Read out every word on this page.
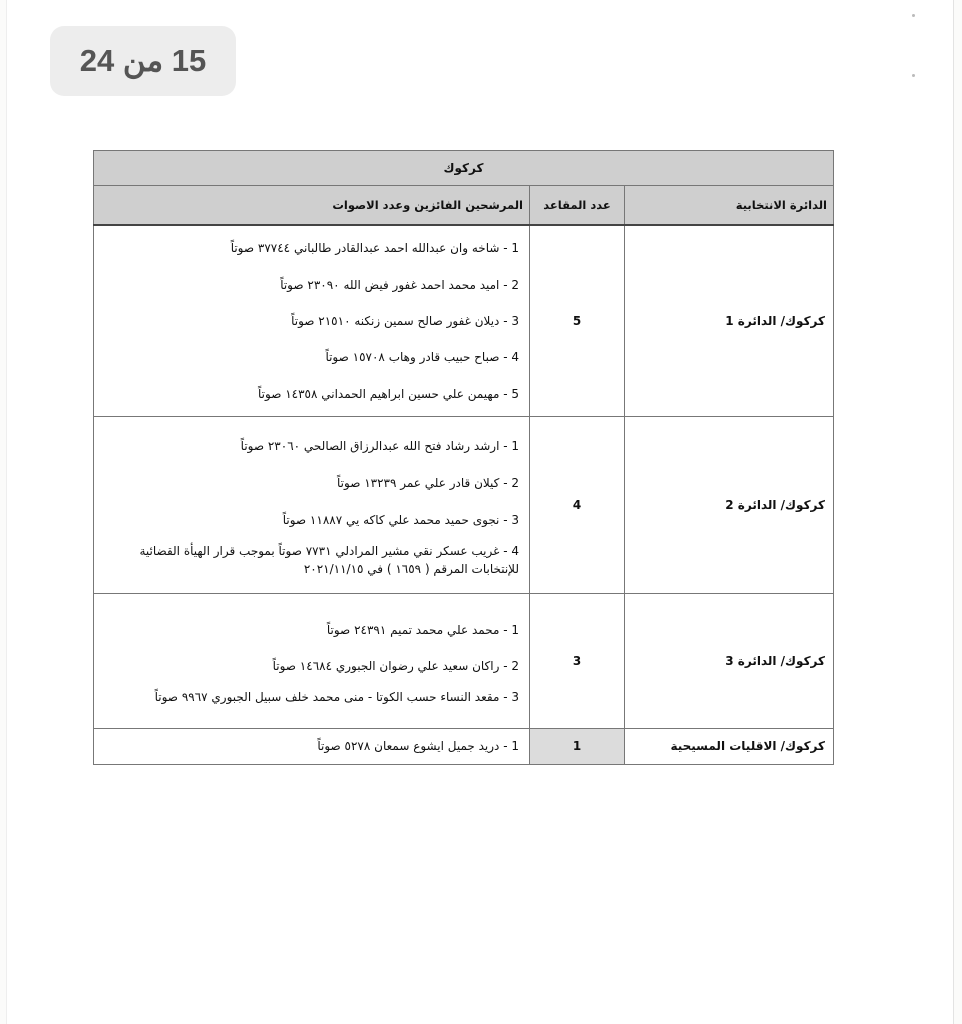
15 من 24
كركوك		
الدائرة الانتخابية	عدد المقاعد	المرشحين الفائزين وعدد الاصوات
كركوك/ الدائرة 1	5	1 - شاخه وان عبدالله احمد عبدالقادر طالباني ٣٧٧٤٤ صوتاً
2 - اميد محمد احمد غفور فيض الله ٢٣٠٩٠ صوتاً
3 - ديلان غفور صالح سمين زنكنه ٢١٥١٠ صوتاً
4 - صباح حبيب قادر وهاب ١٥٧٠٨ صوتاً
5 - مهيمن علي حسين ابراهيم الحمداني ١٤٣٥٨ صوتاً

كركوك/ الدائرة 2	4	1 - ارشد رشاد فتح الله عبدالرزاق الصالحي ٢٣٠٦٠ صوتاً
2 - كيلان قادر علي عمر ١٣٢٣٩ صوتاً
3 - نجوى حميد محمد علي كاكه يي ١١٨٨٧ صوتاً
4 - غريب عسكر نقي مشير المرادلي ٧٧٣١ صوتاً بموجب قرار الهيأة القضائية للإنتخابات المرقم ( ١٦٥٩ ) في ٢٠٢١/١١/١٥

كركوك/ الدائرة 3	3	1 - محمد علي محمد تميم ٢٤٣٩١ صوتاً
2 - راكان سعيد علي رضوان الجبوري ١٤٦٨٤ صوتاً
3 - مقعد النساء حسب الكوتا - منى محمد خلف سبيل الجبوري ٩٩٦٧ صوتاً

كركوك/ الاقليات المسيحية	1	1 - دريد جميل ايشوع سمعان ٥٢٧٨ صوتاً
